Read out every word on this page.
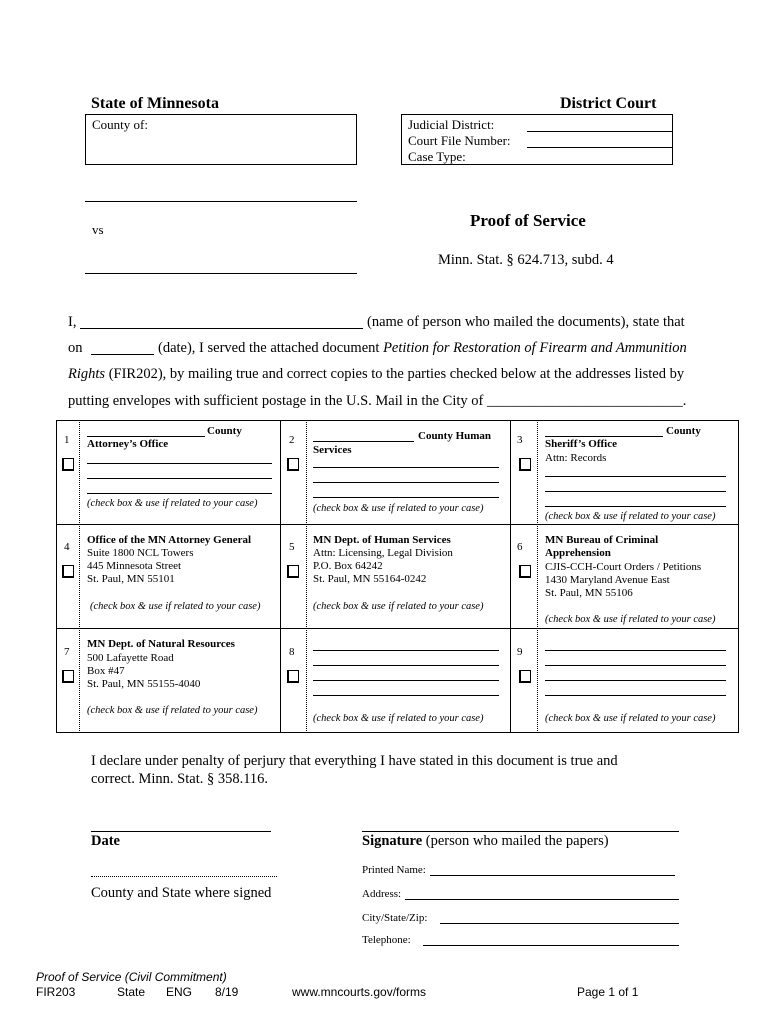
State of Minnesota	District Court
County of:	Judicial District:
Court File Number:
Case Type:
vs	Proof of Service
Minn. Stat. § 624.713, subd. 4
I,	(name of person who mailed the documents), state that
on	(date), I served the attached document Petition for Restoration of Firearm and Ammunition
Rights (FIR202), by mailing true and correct copies to the parties checked below at the addresses listed by
putting envelopes with sufficient postage in the U.S. Mail in the City of ___________________________.
1
County
Attorney’s Office
(check box & use if related to your case)
2	County Human
Services
(check box & use if related to your case)
3
County
Sheriff’s Office
Attn: Records
(check box & use if related to your case)
4
Office of the MN Attorney General
Suite 1800 NCL Towers
445 Minnesota Street
St. Paul, MN 55101
(check box & use if related to your case)
5
MN Dept. of Human Services
Attn: Licensing, Legal Division
P.O. Box 64242
St. Paul, MN 55164-0242
(check box & use if related to your case)
6
MN Bureau of Criminal
Apprehension
CJIS-CCH-Court Orders / Petitions
1430 Maryland Avenue East
St. Paul, MN 55106
(check box & use if related to your case)
7
MN Dept. of Natural Resources
500 Lafayette Road
Box #47
St. Paul, MN 55155-4040
(check box & use if related to your case)
8
(check box & use if related to your case)
9
(check box & use if related to your case)
I declare under penalty of perjury that everything I have stated in this document is true and
correct. Minn. Stat. § 358.116.
Date
County and State where signed
Signature (person who mailed the papers)
Printed Name:
Address:
City/State/Zip:
Telephone:
Proof of Service (Civil Commitment)
FIR203	State ENG 8/19	www.mncourts.gov/forms	Page 1 of 1
